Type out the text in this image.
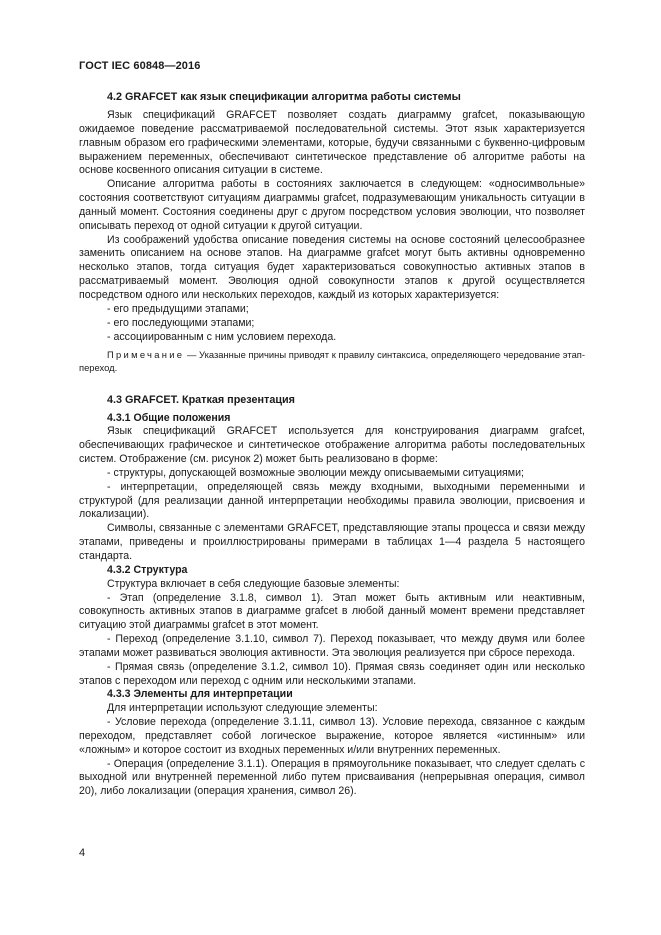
ГОСТ IEC 60848—2016
4.2 GRAFCET как язык спецификации алгоритма работы системы

Язык спецификаций GRAFCET позволяет создать диаграмму grafcet, показывающую ожидаемое поведение рассматриваемой последовательной системы. Этот язык характеризуется главным образом его графическими элементами, которые, будучи связанными с буквенно-цифровым выражением переменных, обеспечивают синтетическое представление об алгоритме работы на основе косвенного описания ситуации в системе.

Описание алгоритма работы в состояниях заключается в следующем: «односимвольные» состояния соответствуют ситуациям диаграммы grafcet, подразумевающим уникальность ситуации в данный момент. Состояния соединены друг с другом посредством условия эволюции, что позволяет описывать переход от одной ситуации к другой ситуации.

Из соображений удобства описание поведения системы на основе состояний целесообразнее заменить описанием на основе этапов. На диаграмме grafcet могут быть активны одновременно несколько этапов, тогда ситуация будет характеризоваться совокупностью активных этапов в рассматриваемый момент. Эволюция одной совокупности этапов к другой осуществляется посредством одного или нескольких переходов, каждый из которых характеризуется:

- его предыдущими этапами;
- его последующими этапами;
- ассоциированным с ним условием перехода.
Примечание — Указанные причины приводят к правилу синтаксиса, определяющего чередование этап-переход.
4.3 GRAFCET. Краткая презентация
4.3.1 Общие положения

Язык спецификаций GRAFCET используется для конструирования диаграмм grafcet, обеспечивающих графическое и синтетическое отображение алгоритма работы последовательных систем. Отображение (см. рисунок 2) может быть реализовано в форме:

- структуры, допускающей возможные эволюции между описываемыми ситуациями;
- интерпретации, определяющей связь между входными, выходными переменными и структурой (для реализации данной интерпретации необходимы правила эволюции, присвоения и локализации).

Символы, связанные с элементами GRAFCET, представляющие этапы процесса и связи между этапами, приведены и проиллюстрированы примерами в таблицах 1—4 раздела 5 настоящего стандарта.

4.3.2 Структура

Структура включает в себя следующие базовые элементы:

- Этап (определение 3.1.8, символ 1). Этап может быть активным или неактивным, совокупность активных этапов в диаграмме grafcet в любой данный момент времени представляет ситуацию этой диаграммы grafcet в этот момент.
- Переход (определение 3.1.10, символ 7). Переход показывает, что между двумя или более этапами может развиваться эволюция активности. Эта эволюция реализуется при сбросе перехода.
- Прямая связь (определение 3.1.2, символ 10). Прямая связь соединяет один или несколько этапов с переходом или переход с одним или несколькими этапами.
4.3.3 Элементы для интерпретации

Для интерпретации используют следующие элементы:

- Условие перехода (определение 3.1.11, символ 13). Условие перехода, связанное с каждым переходом, представляет собой логическое выражение, которое является «истинным» или «ложным» и которое состоит из входных переменных и/или внутренних переменных.
- Операция (определение 3.1.1). Операция в прямоугольнике показывает, что следует сделать с выходной или внутренней переменной либо путем присваивания (непрерывная операция, символ 20), либо локализации (операция хранения, символ 26).
4
